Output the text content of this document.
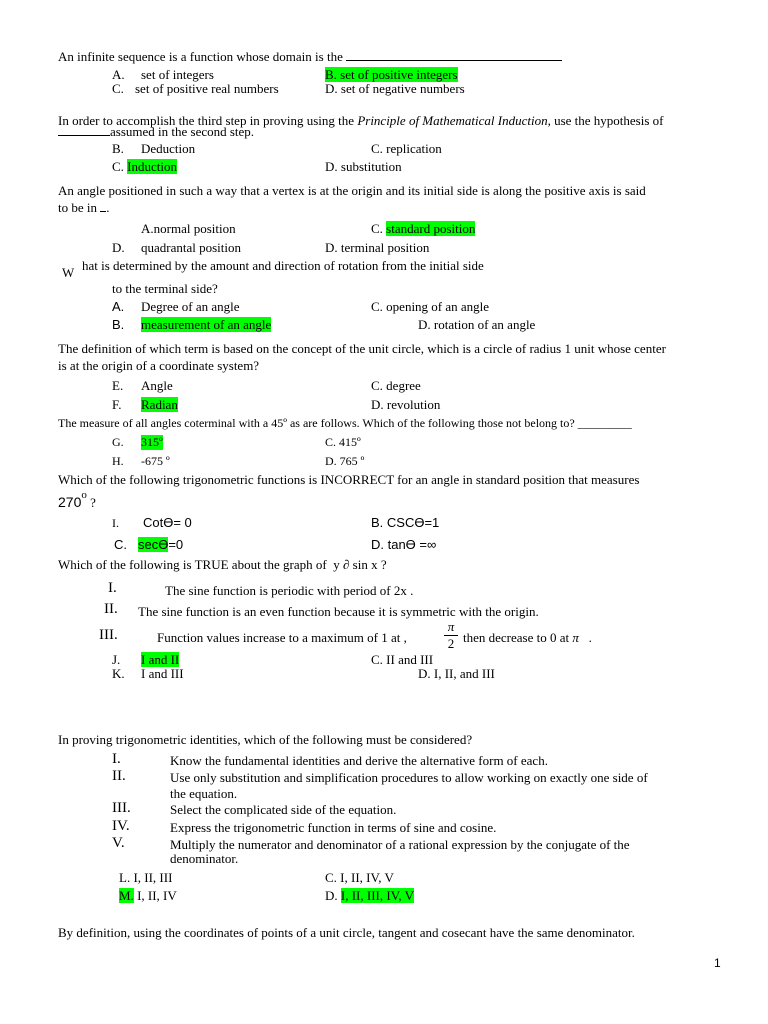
An infinite sequence is a function whose domain is the
A. set of integers	B. set of positive integers
C. set of positive real numbers	D. set of negative numbers
In order to accomplish the third step in proving using the Principle of Mathematical Induction, use the hypothesis of
assumed in the second step.
B. Deduction	C. replication
C. Induction	D. substitution
An angle positioned in such a way that a vertex is at the origin and its initial side is along the positive axis is said
to be in .
A.normal position	C. standard position
D. quadrantal position	D. terminal position
W hat is determined by the amount and direction of rotation from the initial side
to the terminal side?
A. Degree of an angle	C. opening of an angle
B. measurement of an angle	D. rotation of an angle
The definition of which term is based on the concept of the unit circle, which is a circle of radius 1 unit whose center
is at the origin of a coordinate system?
E. Angle	C. degree
F. Radian	D. revolution
The measure of all angles coterminal with a 45º as are follows. Which of the following those not belong to? _________
G. 315º	C. 415º
H. -675 º	D. 765 º
Which of the following trigonometric functions is INCORRECT for an angle in standard position that measures
270$^o$ ?
I. Cotϴ= 0	B. CSCϴ=1
C. secϴ=0	D. tanϴ =∞
Which of the following is TRUE about the graph of y ∂ sin x ?
I.	The sine function is periodic with period of 2x .
II. The sine function is an even function because it is symmetric with the origin.
III.	Function values increase to a maximum of 1 at ,
π
2 then decrease to 0 at π .
J. I and II	C. II and III
K. I and III	D. I, II, and III
In proving trigonometric identities, which of the following must be considered?
I.	Know the fundamental identities and derive the alternative form of each.
II.	Use only substitution and simplification procedures to allow working on exactly one side of
the equation.
III.	Select the complicated side of the equation.
IV.	Express the trigonometric function in terms of sine and cosine.
V.	Multiply the numerator and denominator of a rational expression by the conjugate of the
denominator.
L. I, II, III	C. I, II, IV, V
M. I, II, IV	D. I, II, III, IV, V
By definition, using the coordinates of points of a unit circle, tangent and cosecant have the same denominator.
1
